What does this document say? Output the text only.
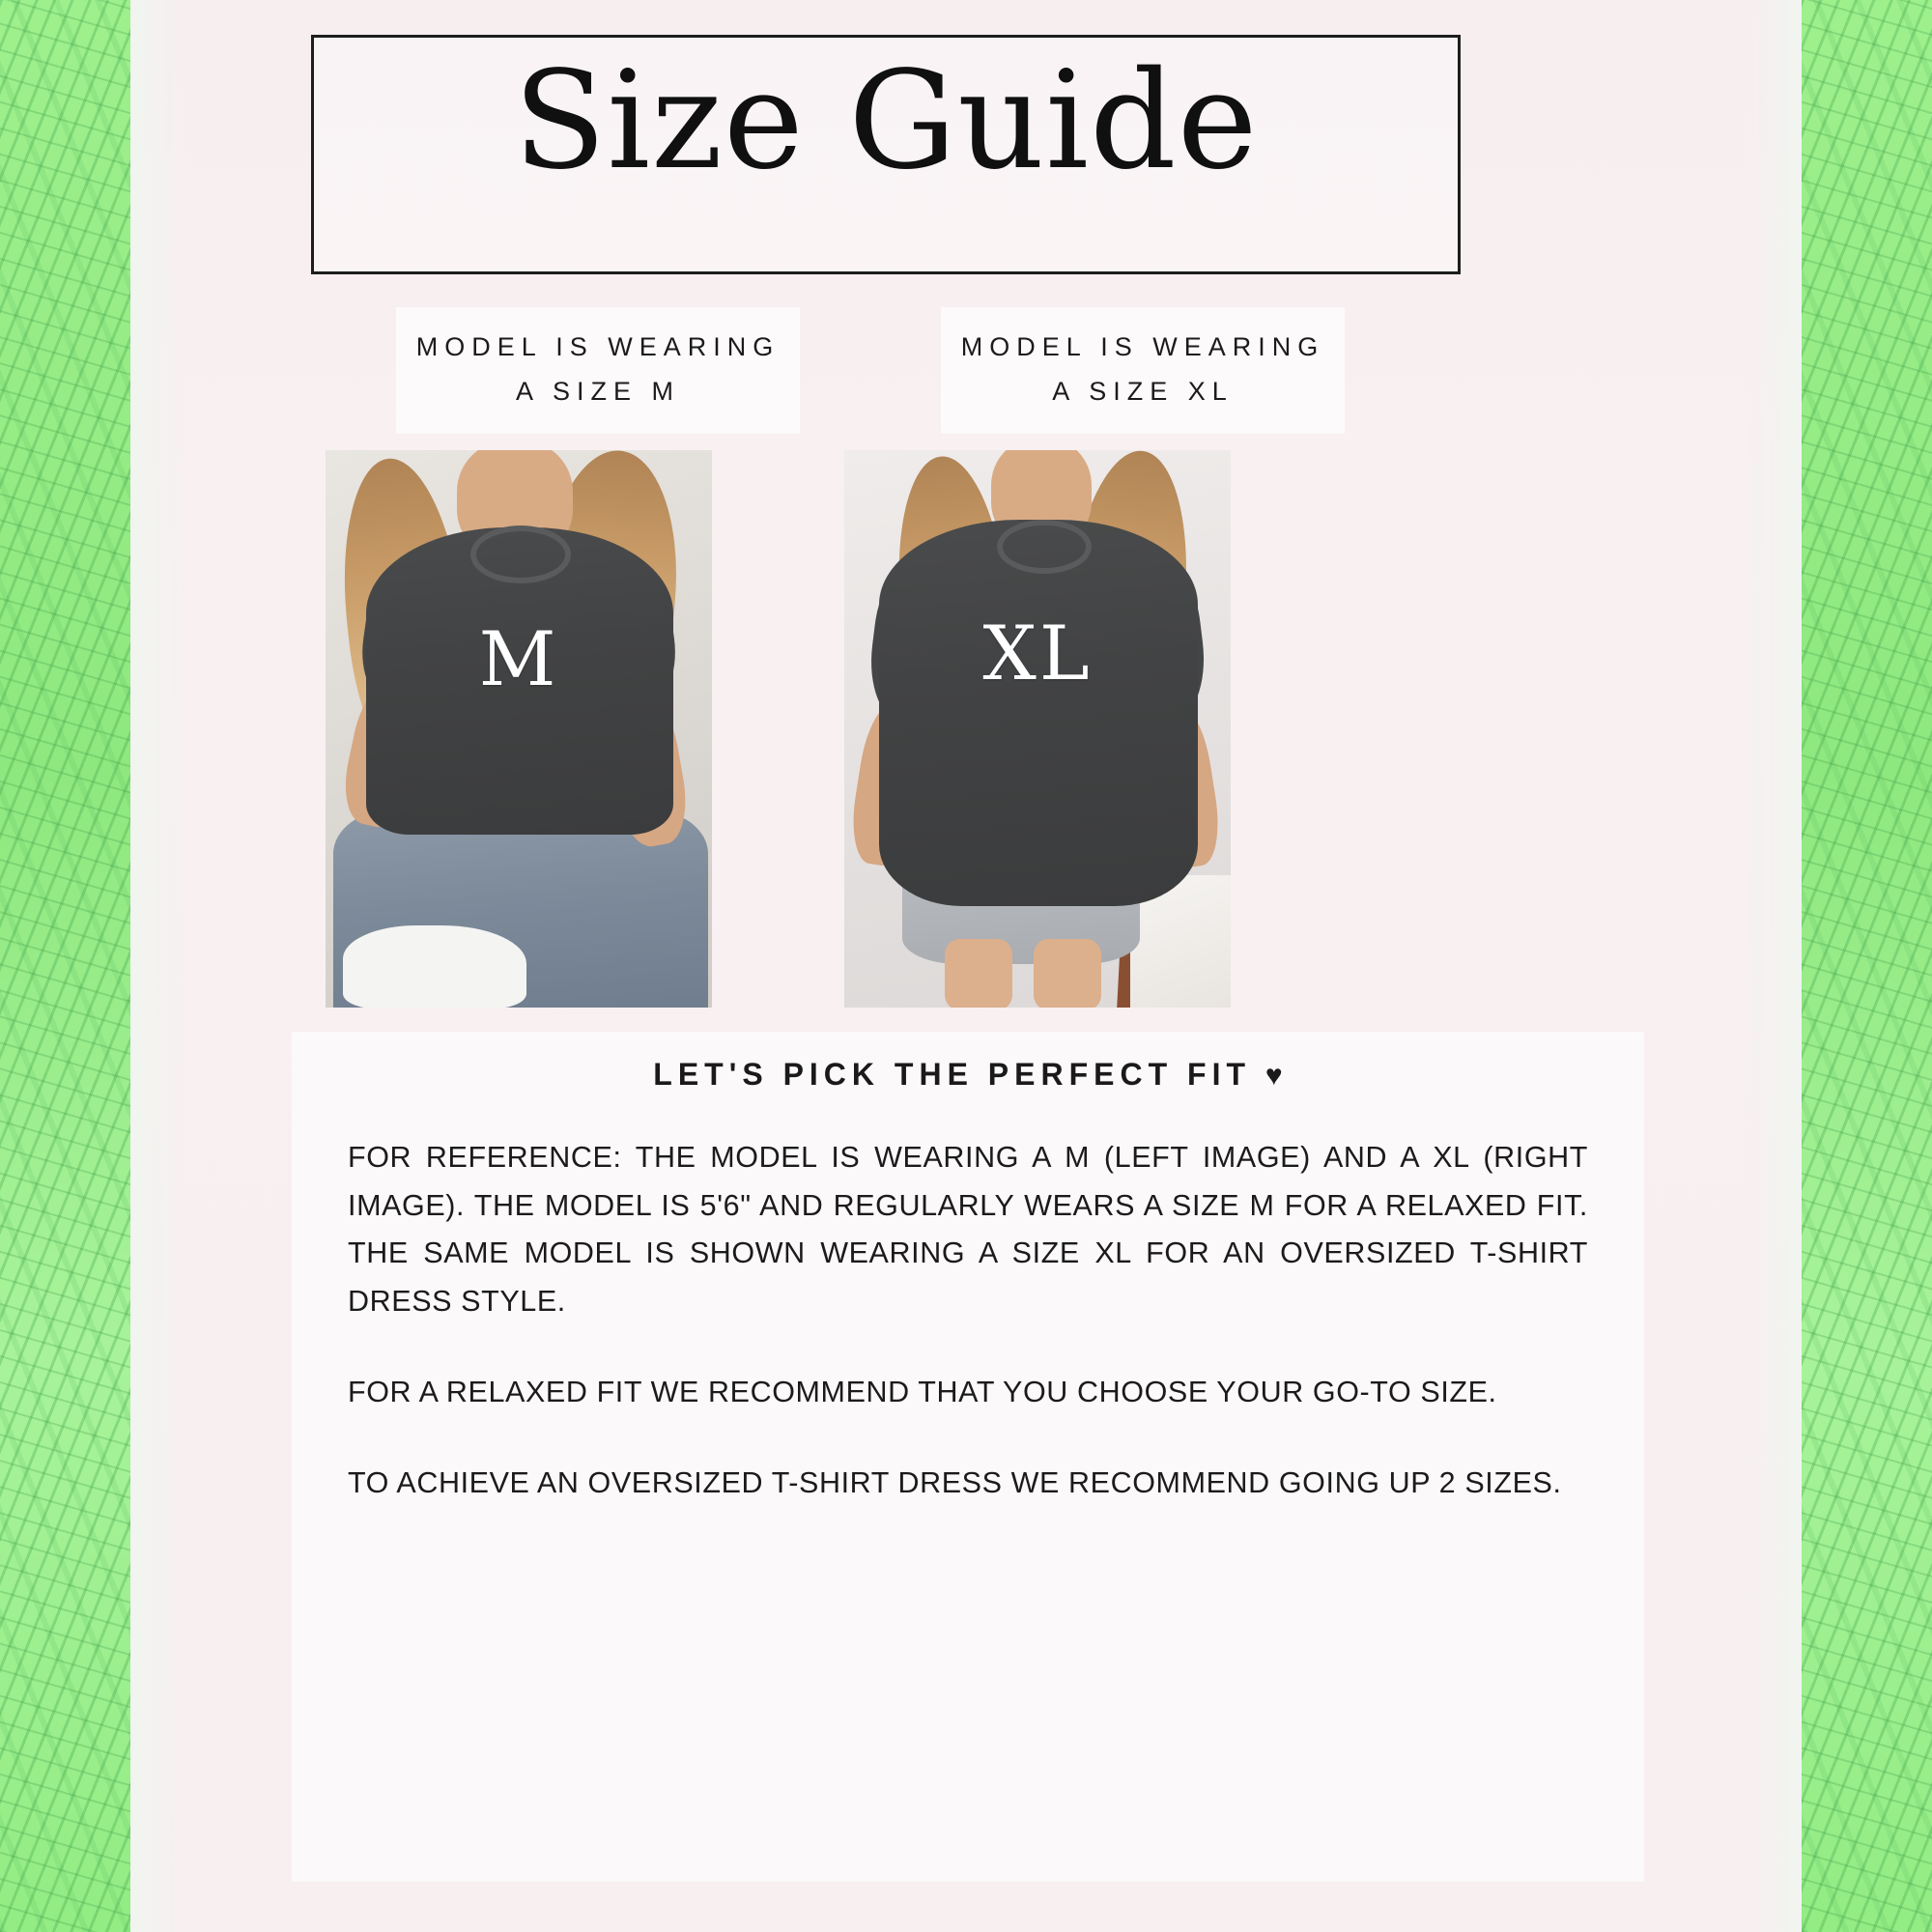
Size Guide
MODEL IS WEARING A SIZE M
MODEL IS WEARING A SIZE XL
M	XL
LET'S PICK THE PERFECT FIT ♥

FOR REFERENCE: THE MODEL IS WEARING A M (LEFT IMAGE) AND A XL (RIGHT IMAGE). THE MODEL IS 5'6" AND REGULARLY WEARS A SIZE M FOR A RELAXED FIT. THE SAME MODEL IS SHOWN WEARING A SIZE XL FOR AN OVERSIZED T-SHIRT DRESS STYLE.

FOR A RELAXED FIT WE RECOMMEND THAT YOU CHOOSE YOUR GO-TO SIZE.

TO ACHIEVE AN OVERSIZED T-SHIRT DRESS WE RECOMMEND GOING UP 2 SIZES.
